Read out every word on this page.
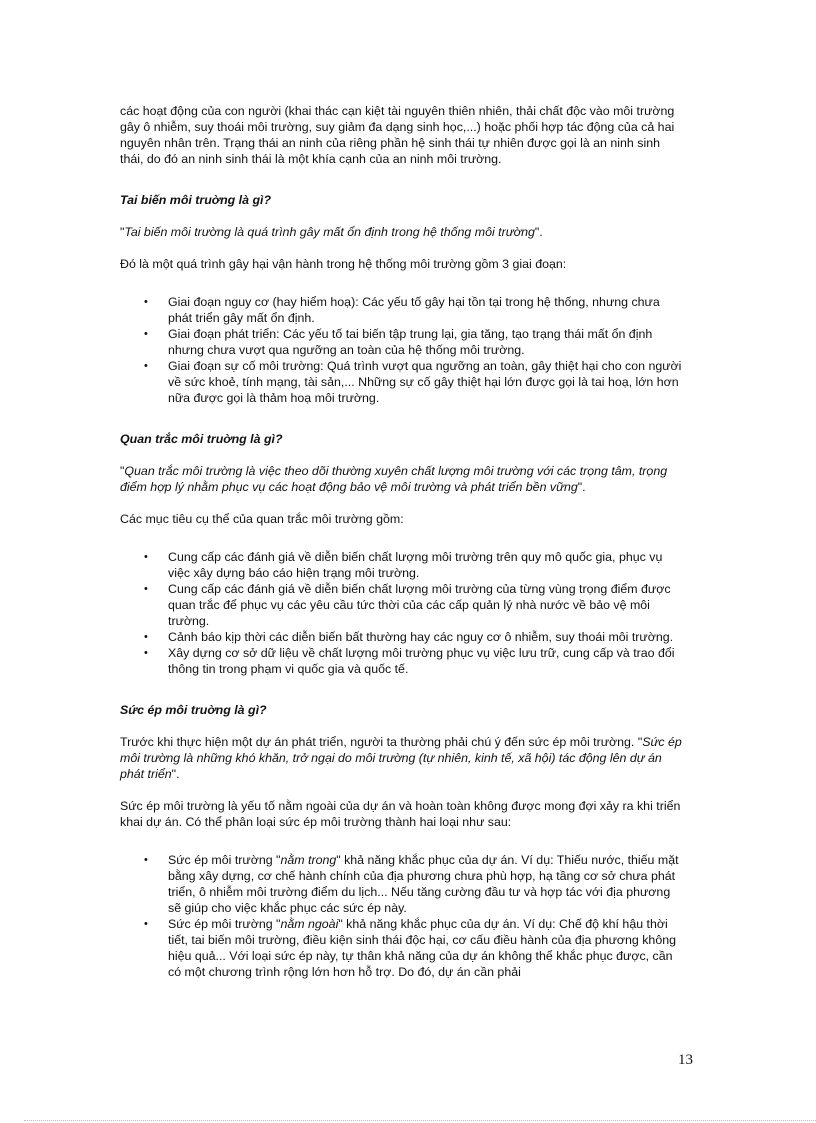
các hoạt động của con người (khai thác cạn kiệt tài nguyên thiên nhiên, thải chất độc vào môi trường gây ô nhiễm, suy thoái môi trường, suy giảm đa dạng sinh học,...) hoặc phối hợp tác động của cả hai nguyên nhân trên. Trạng thái an ninh của riêng phần hệ sinh thái tự nhiên được gọi là an ninh sinh thái, do đó an ninh sinh thái là một khía cạnh của an ninh môi trường.

Tai biến môi truờng là gì?

"Tai biến môi trường là quá trình gây mất ổn định trong hệ thống môi trường".

Đó là một quá trình gây hại vận hành trong hệ thống môi trường gồm 3 giai đoạn:

• Giai đoạn nguy cơ (hay hiểm hoạ): Các yếu tố gây hại tồn tại trong hệ thống, nhưng chưa phát triển gây mất ổn định.
• Giai đoạn phát triển: Các yếu tố tai biến tập trung lại, gia tăng, tạo trạng thái mất ổn định nhưng chưa vượt qua ngưỡng an toàn của hệ thống môi trường.
• Giai đoạn sự cố môi trường: Quá trình vượt qua ngưỡng an toàn, gây thiệt hại cho con người về sức khoẻ, tính mạng, tài sản,... Những sự cố gây thiệt hại lớn được gọi là tai hoạ, lớn hơn nữa được gọi là thảm hoạ môi trường.
Quan trắc môi truờng là gì?

"Quan trắc môi trường là việc theo dõi thường xuyên chất lượng môi trường với các trọng tâm, trọng điểm hợp lý nhằm phục vụ các hoạt động bảo vệ môi trường và phát triển bền vững".

Các mục tiêu cụ thể của quan trắc môi trường gồm:

• Cung cấp các đánh giá về diễn biến chất lượng môi trường trên quy mô quốc gia, phục vụ việc xây dựng báo cáo hiện trạng môi trường.
• Cung cấp các đánh giá về diễn biến chất lượng môi trường của từng vùng trọng điểm được quan trắc để phục vụ các yêu cầu tức thời của các cấp quản lý nhà nước về bảo vệ môi trường.
• Cảnh báo kịp thời các diễn biến bất thường hay các nguy cơ ô nhiễm, suy thoái môi trường.
• Xây dựng cơ sở dữ liệu về chất lượng môi trường phục vụ việc lưu trữ, cung cấp và trao đổi thông tin trong phạm vi quốc gia và quốc tế.
Sức ép môi truờng là gì?

Trước khi thực hiện một dự án phát triển, người ta thường phải chú ý đến sức ép môi trường. "Sức ép môi trường là những khó khăn, trở ngại do môi trường (tự nhiên, kinh tế, xã hội) tác động lên dự án phát triển".

Sức ép môi trường là yếu tố nằm ngoài của dự án và hoàn toàn không được mong đợi xảy ra khi triển khai dự án. Có thể phân loại sức ép môi trường thành hai loại như sau:

• Sức ép môi trường "nằm trong" khả năng khắc phục của dự án. Ví dụ: Thiếu nước, thiếu mặt bằng xây dựng, cơ chế hành chính của địa phương chưa phù hợp, hạ tầng cơ sở chưa phát triển, ô nhiễm môi trường điểm du lịch... Nếu tăng cường đầu tư và hợp tác với địa phương sẽ giúp cho việc khắc phục các sức ép này.
• Sức ép môi trường "nằm ngoài" khả năng khắc phục của dự án. Ví dụ: Chế độ khí hậu thời tiết, tai biến môi trường, điều kiện sinh thái độc hại, cơ cấu điều hành của địa phương không hiệu quả... Với loại sức ép này, tự thân khả năng của dự án không thể khắc phục được, cần có một chương trình rộng lớn hơn hỗ trợ. Do đó, dự án cần phải
13
